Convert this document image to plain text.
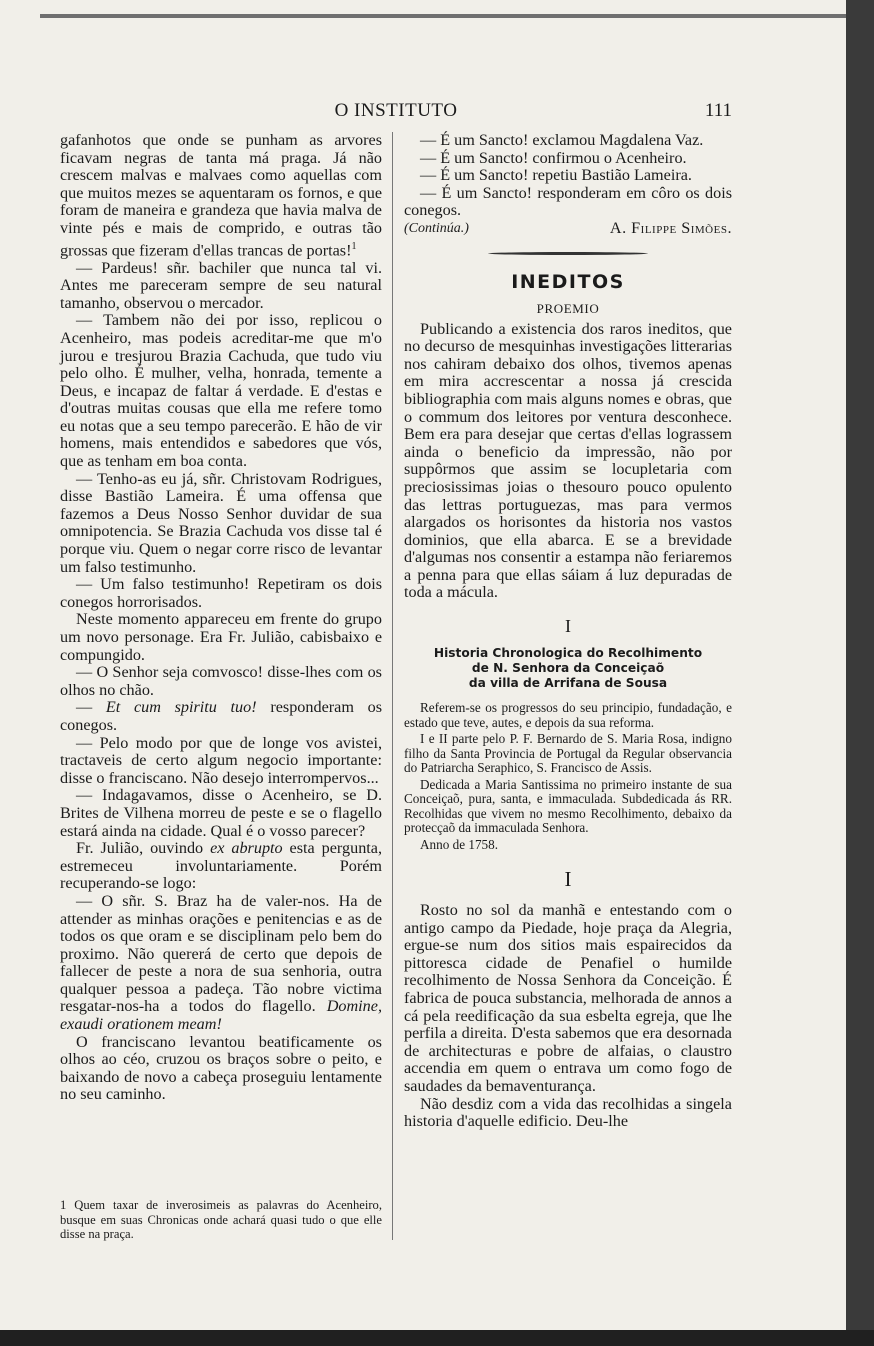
O INSTITUTO	111

gafanhotos que onde se punham as arvores ficavam negras de tanta má praga. Já não crescem malvas e malvaes como aquellas com que muitos mezes se aquentaram os fornos, e que foram de maneira e grandeza que havia malva de vinte pés e mais de comprido, e outras tão grossas que fizeram d'ellas trancas de portas!$^1$

— Pardeus! sñr. bachiler que nunca tal vi. Antes me pareceram sempre de seu natural tamanho, observou o mercador.

— Tambem não dei por isso, replicou o Acenheiro, mas podeis acreditar-me que m'o jurou e tresjurou Brazia Cachuda, que tudo viu pelo olho. É mulher, velha, honrada, temente a Deus, e incapaz de faltar á verdade. E d'estas e d'outras muitas cousas que ella me refere tomo eu notas que a seu tempo parecerão. E hão de vir homens, mais entendidos e sabedores que vós, que as tenham em boa conta.

— Tenho-as eu já, sñr. Christovam Rodrigues, disse Bastião Lameira. É uma offensa que fazemos a Deus Nosso Senhor duvidar de sua omnipotencia. Se Brazia Cachuda vos disse tal é porque viu. Quem o negar corre risco de levantar um falso testimunho.

— Um falso testimunho! Repetiram os dois conegos horrorisados.

Neste momento appareceu em frente do grupo um novo personage. Era Fr. Julião, cabisbaixo e compungido.

— O Senhor seja comvosco! disse-lhes com os olhos no chão.

— Et cum spiritu tuo! responderam os conegos.

— Pelo modo por que de longe vos avistei, tractaveis de certo algum negocio importante: disse o franciscano. Não desejo interrompervos...

— Indagavamos, disse o Acenheiro, se D. Brites de Vilhena morreu de peste e se o flagello estará ainda na cidade. Qual é o vosso parecer?

Fr. Julião, ouvindo ex abrupto esta pergunta, estremeceu involuntariamente. Porém recuperando-se logo:

— O sñr. S. Braz ha de valer-nos. Ha de attender as minhas orações e penitencias e as de todos os que oram e se disciplinam pelo bem do proximo. Não quererá de certo que depois de fallecer de peste a nora de sua senhoria, outra qualquer pessoa a padeça. Tão nobre victima resgatar-nos-ha a todos do flagello. Domine, exaudi orationem meam!

O franciscano levantou beatificamente os olhos ao céo, cruzou os braços sobre o peito, e baixando de novo a cabeça proseguiu lentamente no seu caminho.

1 Quem taxar de inverosimeis as palavras do Acenheiro, busque em suas Chronicas onde achará quasi tudo o que elle disse na praça.

— É um Sancto! exclamou Magdalena Vaz.

— É um Sancto! confirmou o Acenheiro.

— É um Sancto! repetiu Bastião Lameira.

— É um Sancto! responderam em côro os dois conegos.

(Continúa.)	A. Filippe Simões.
INEDITOS
PROEMIO

Publicando a existencia dos raros ineditos, que no decurso de mesquinhas investigações litterarias nos cahiram debaixo dos olhos, tivemos apenas em mira accrescentar a nossa já crescida bibliographia com mais alguns nomes e obras, que o commum dos leitores por ventura desconhece. Bem era para desejar que certas d'ellas lograssem ainda o beneficio da impressão, não por suppôrmos que assim se locupletaria com preciosissimas joias o thesouro pouco opulento das lettras portuguezas, mas para vermos alargados os horisontes da historia nos vastos dominios, que ella abarca. E se a brevidade d'algumas nos consentir a estampa não feriaremos a penna para que ellas sáiam á luz depuradas de toda a mácula.

I
Historia Chronologica do Recolhimento
de N. Senhora da Conceiçaõ
da villa de Arrifana de Sousa

Referem-se os progressos do seu principio, fundadação, e estado que teve, autes, e depois da sua reforma.

I e II parte pelo P. F. Bernardo de S. Maria Rosa, indigno filho da Santa Provincia de Portugal da Regular observancia do Patriarcha Seraphico, S. Francisco de Assis.

Dedicada a Maria Santissima no primeiro instante de sua Conceiçaõ, pura, santa, e immaculada. Subdedicada ás RR. Recolhidas que vivem no mesmo Recolhimento, debaixo da protecçaõ da immaculada Senhora.

Anno de 1758.

I

Rosto no sol da manhã e entestando com o antigo campo da Piedade, hoje praça da Alegria, ergue-se num dos sitios mais espairecidos da pittoresca cidade de Penafiel o humilde recolhimento de Nossa Senhora da Conceição. É fabrica de pouca substancia, melhorada de annos a cá pela reedificação da sua esbelta egreja, que lhe perfila a direita. D'esta sabemos que era desornada de architecturas e pobre de alfaias, o claustro accendia em quem o entrava um como fogo de saudades da bemaventurança.

Não desdiz com a vida das recolhidas a singela historia d'aquelle edificio. Deu-lhe
